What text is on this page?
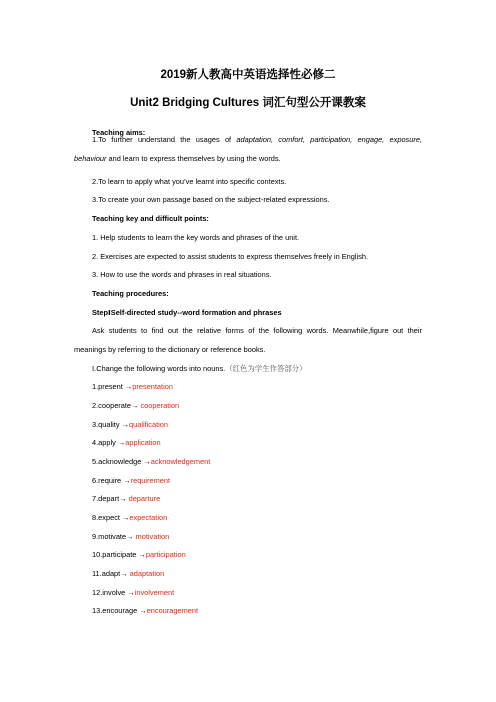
2019新人教高中英语选择性必修二
Unit2 Bridging Cultures 词汇句型公开课教案
Teaching aims:
1.To further understand the usages of adaptation, comfort, participation, engage, exposure, behaviour and learn to express themselves by using the words.
2.To learn to apply what you’ve learnt into specific contexts.
3.To create your own passage based on the subject-related expressions.
Teaching key and difficult points:
1. Help students to learn the key words and phrases of the unit.
2. Exercises are expected to assist students to express themselves freely in English.
3. How to use the words and phrases in real situations.
Teaching procedures:
StepⅠSelf-directed study--word formation and phrases
Ask students to find out the relative forms of the following words. Meanwhile,figure out their meanings by referring to the dictionary or reference books.
Ⅰ.Change the following words into nouns.（红色为学生作答部分）
1.present →presentation
2.cooperate→ cooperation
3.quality →qualification
4.apply →application
5.acknowledge →acknowledgement
6.require →requirement
7.depart→ departure
8.expect →expectation
9.motivate→ motivation
10.participate →participation
11.adapt→ adaptation
12.involve →involvement
13.encourage →encouragement
